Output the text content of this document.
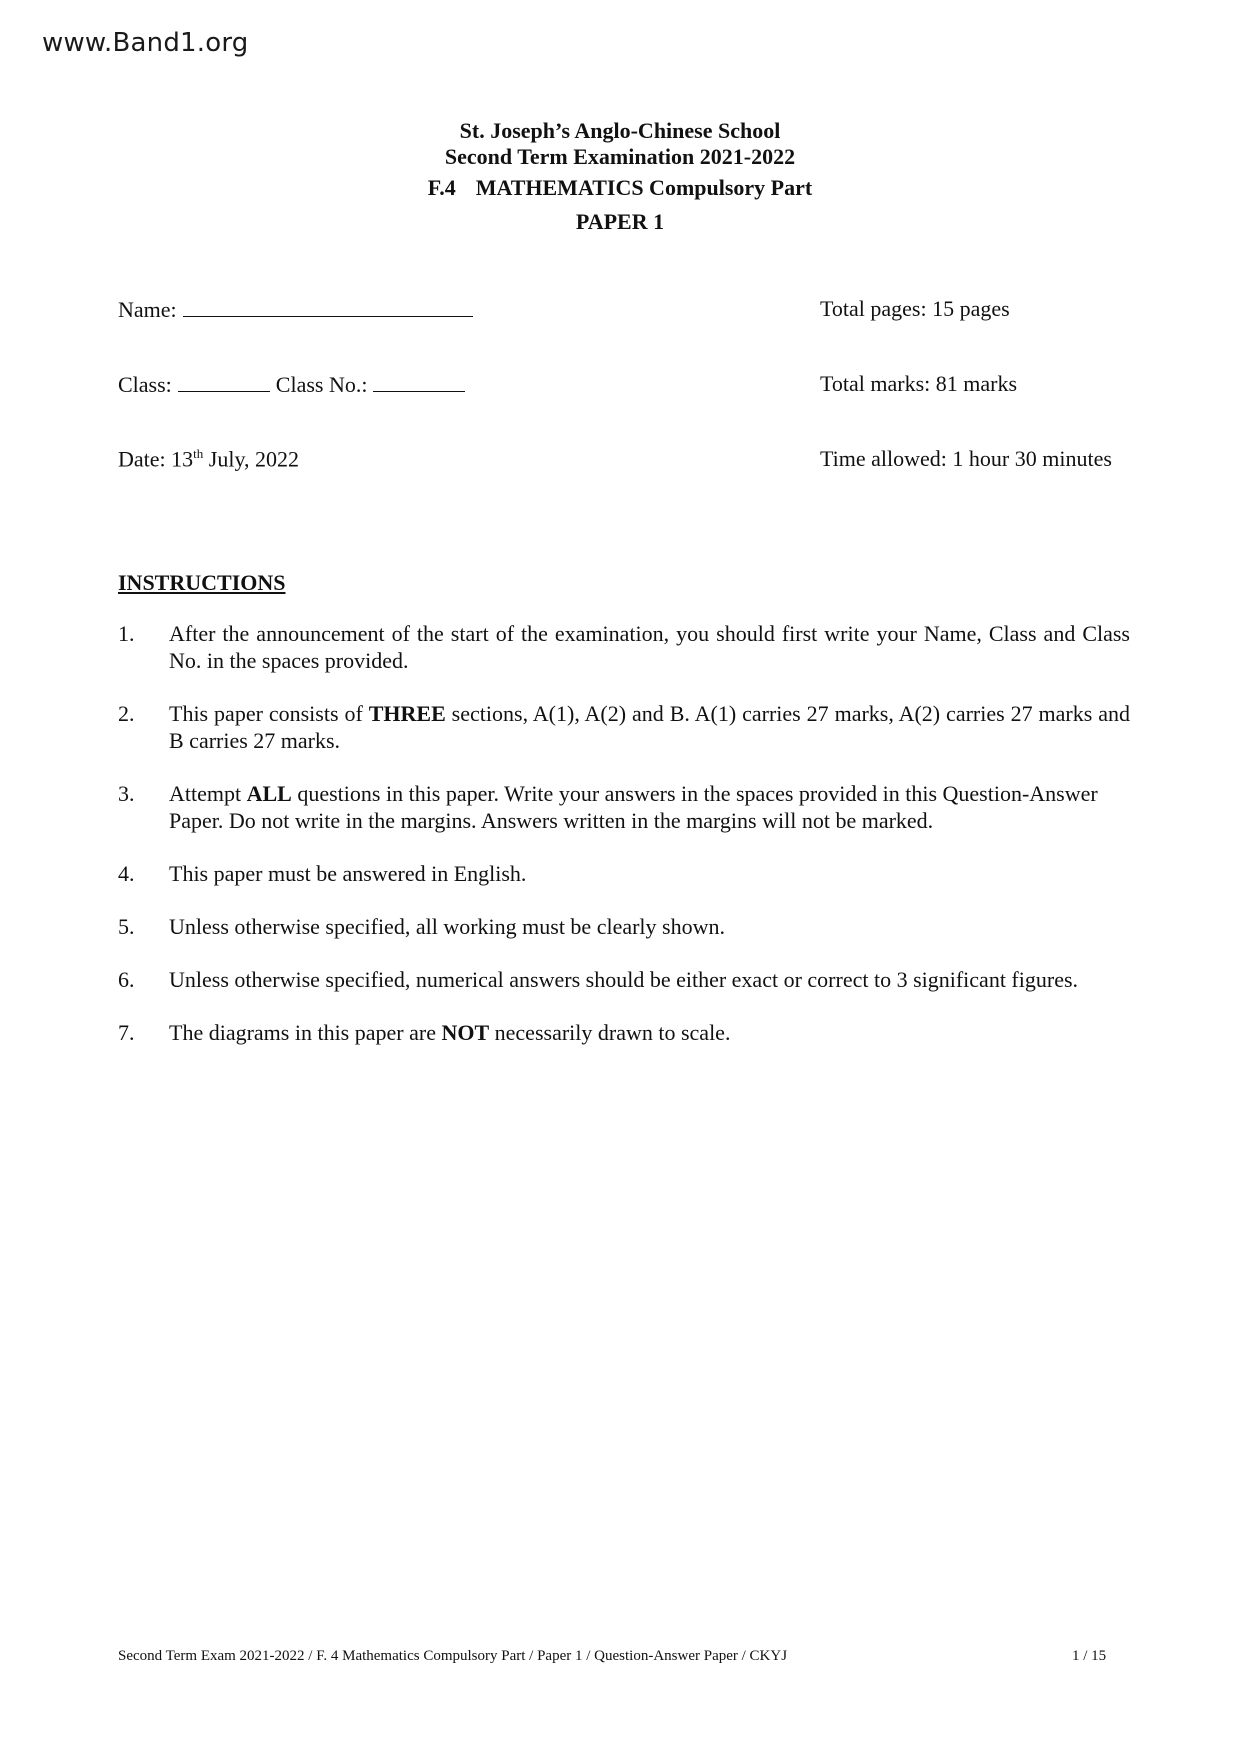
www.Band1.org
St. Joseph’s Anglo-Chinese School
Second Term Examination 2021-2022
F.4 MATHEMATICS Compulsory Part
PAPER 1
Name:	Total pages: 15 pages
Class:	Class No.:	Total marks: 81 marks
Date: 13th July, 2022	Time allowed: 1 hour 30 minutes
INSTRUCTIONS
1.	After the announcement of the start of the examination, you should first write your Name, Class and Class No. in the spaces provided.
2.	This paper consists of THREE sections, A(1), A(2) and B. A(1) carries 27 marks, A(2) carries 27 marks and B carries 27 marks.
3.	Attempt ALL questions in this paper. Write your answers in the spaces provided in this Question-Answer Paper. Do not write in the margins. Answers written in the margins will not be marked.
4.	This paper must be answered in English.
5.	Unless otherwise specified, all working must be clearly shown.
6.	Unless otherwise specified, numerical answers should be either exact or correct to 3 significant figures.
7.	The diagrams in this paper are NOT necessarily drawn to scale.
Second Term Exam 2021-2022 / F. 4 Mathematics Compulsory Part / Paper 1 / Question-Answer Paper / CKYJ	1 / 15
